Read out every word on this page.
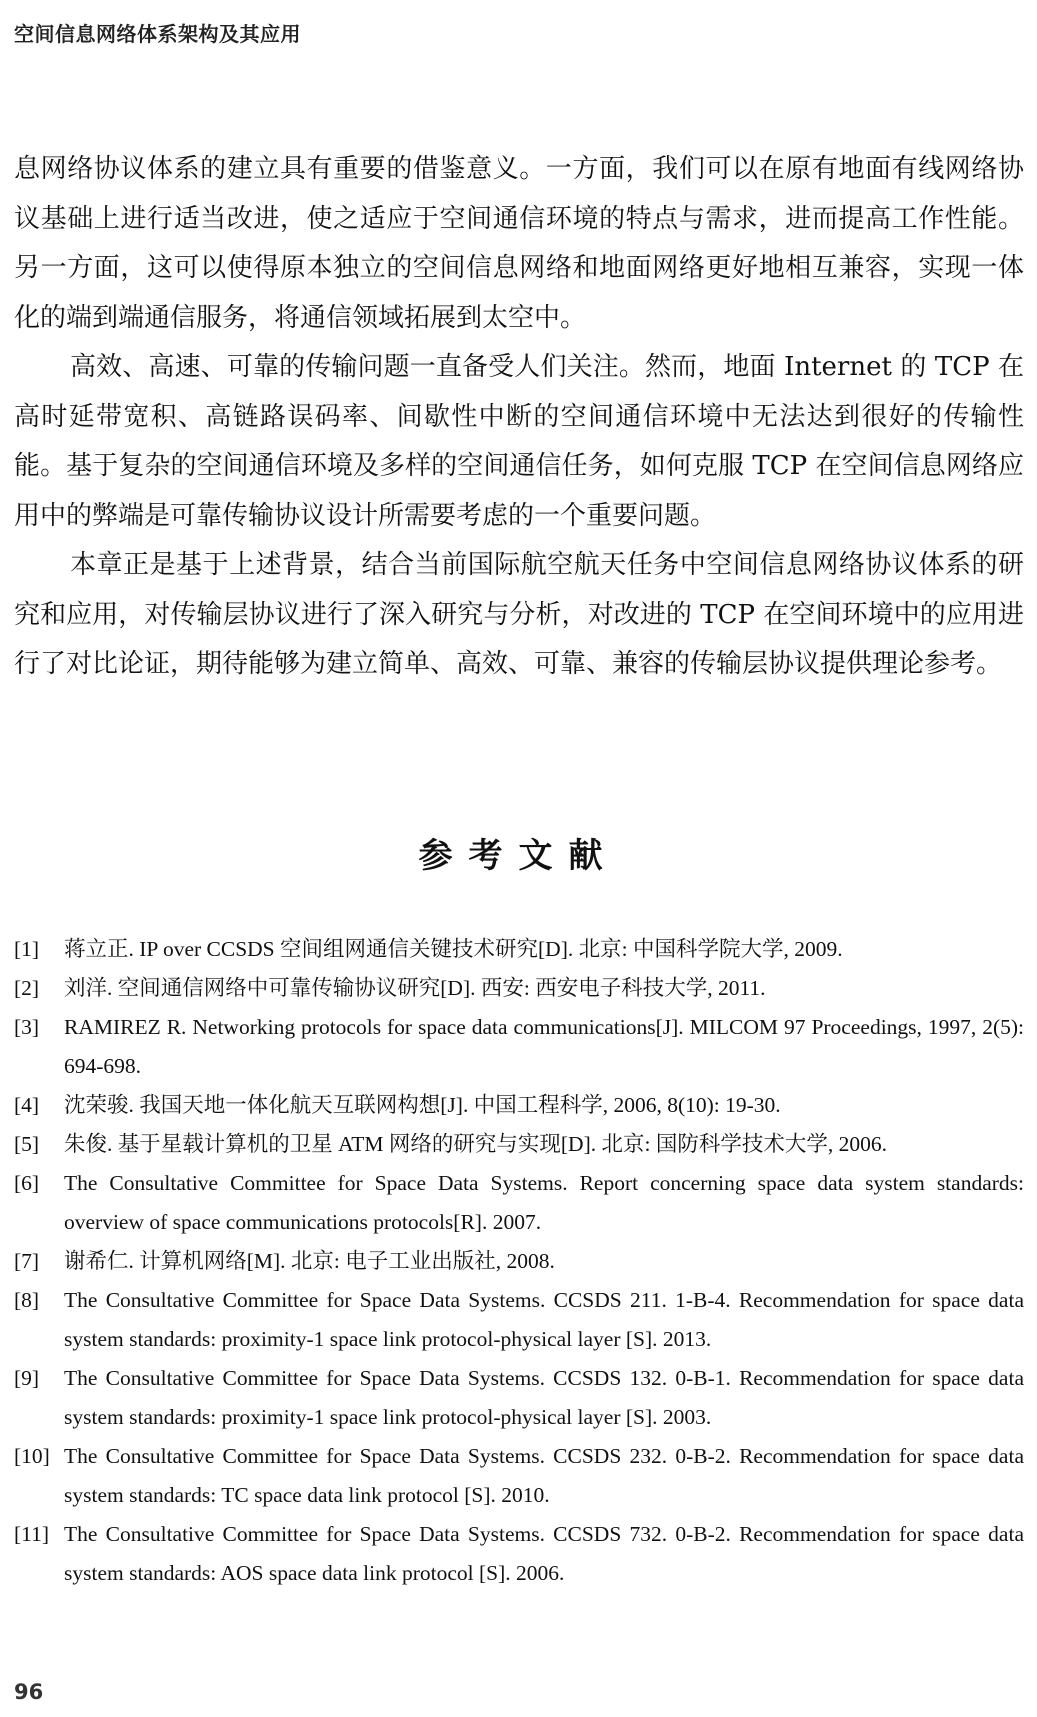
空间信息网络体系架构及其应用

息网络协议体系的建立具有重要的借鉴意义。一方面，我们可以在原有地面有线网络协议基础上进行适当改进，使之适应于空间通信环境的特点与需求，进而提高工作性能。另一方面，这可以使得原本独立的空间信息网络和地面网络更好地相互兼容，实现一体化的端到端通信服务，将通信领域拓展到太空中。

高效、高速、可靠的传输问题一直备受人们关注。然而，地面 Internet 的 TCP 在高时延带宽积、高链路误码率、间歇性中断的空间通信环境中无法达到很好的传输性能。基于复杂的空间通信环境及多样的空间通信任务，如何克服 TCP 在空间信息网络应用中的弊端是可靠传输协议设计所需要考虑的一个重要问题。

本章正是基于上述背景，结合当前国际航空航天任务中空间信息网络协议体系的研究和应用，对传输层协议进行了深入研究与分析，对改进的 TCP 在空间环境中的应用进行了对比论证，期待能够为建立简单、高效、可靠、兼容的传输层协议提供理论参考。

参考文献
[1]	蒋立正. IP over CCSDS 空间组网通信关键技术研究[D]. 北京: 中国科学院大学, 2009.
[2]	刘洋. 空间通信网络中可靠传输协议研究[D]. 西安: 西安电子科技大学, 2011.
[3]	RAMIREZ R. Networking protocols for space data communications[J]. MILCOM 97 Proceedings, 1997, 2(5): 694-698.
[4]	沈荣骏. 我国天地一体化航天互联网构想[J]. 中国工程科学, 2006, 8(10): 19-30.
[5]	朱俊. 基于星载计算机的卫星 ATM 网络的研究与实现[D]. 北京: 国防科学技术大学, 2006.
[6]	The Consultative Committee for Space Data Systems. Report concerning space data system standards: overview of space communications protocols[R]. 2007.
[7]	谢希仁. 计算机网络[M]. 北京: 电子工业出版社, 2008.
[8]	The Consultative Committee for Space Data Systems. CCSDS 211. 1-B-4. Recommendation for space data system standards: proximity-1 space link protocol-physical layer [S]. 2013.
[9]	The Consultative Committee for Space Data Systems. CCSDS 132. 0-B-1. Recommendation for space data system standards: proximity-1 space link protocol-physical layer [S]. 2003.
[10] The Consultative Committee for Space Data Systems. CCSDS 232. 0-B-2. Recommendation for space data system standards: TC space data link protocol [S]. 2010.
[11] The Consultative Committee for Space Data Systems. CCSDS 732. 0-B-2. Recommendation for space data system standards: AOS space data link protocol [S]. 2006.
96
